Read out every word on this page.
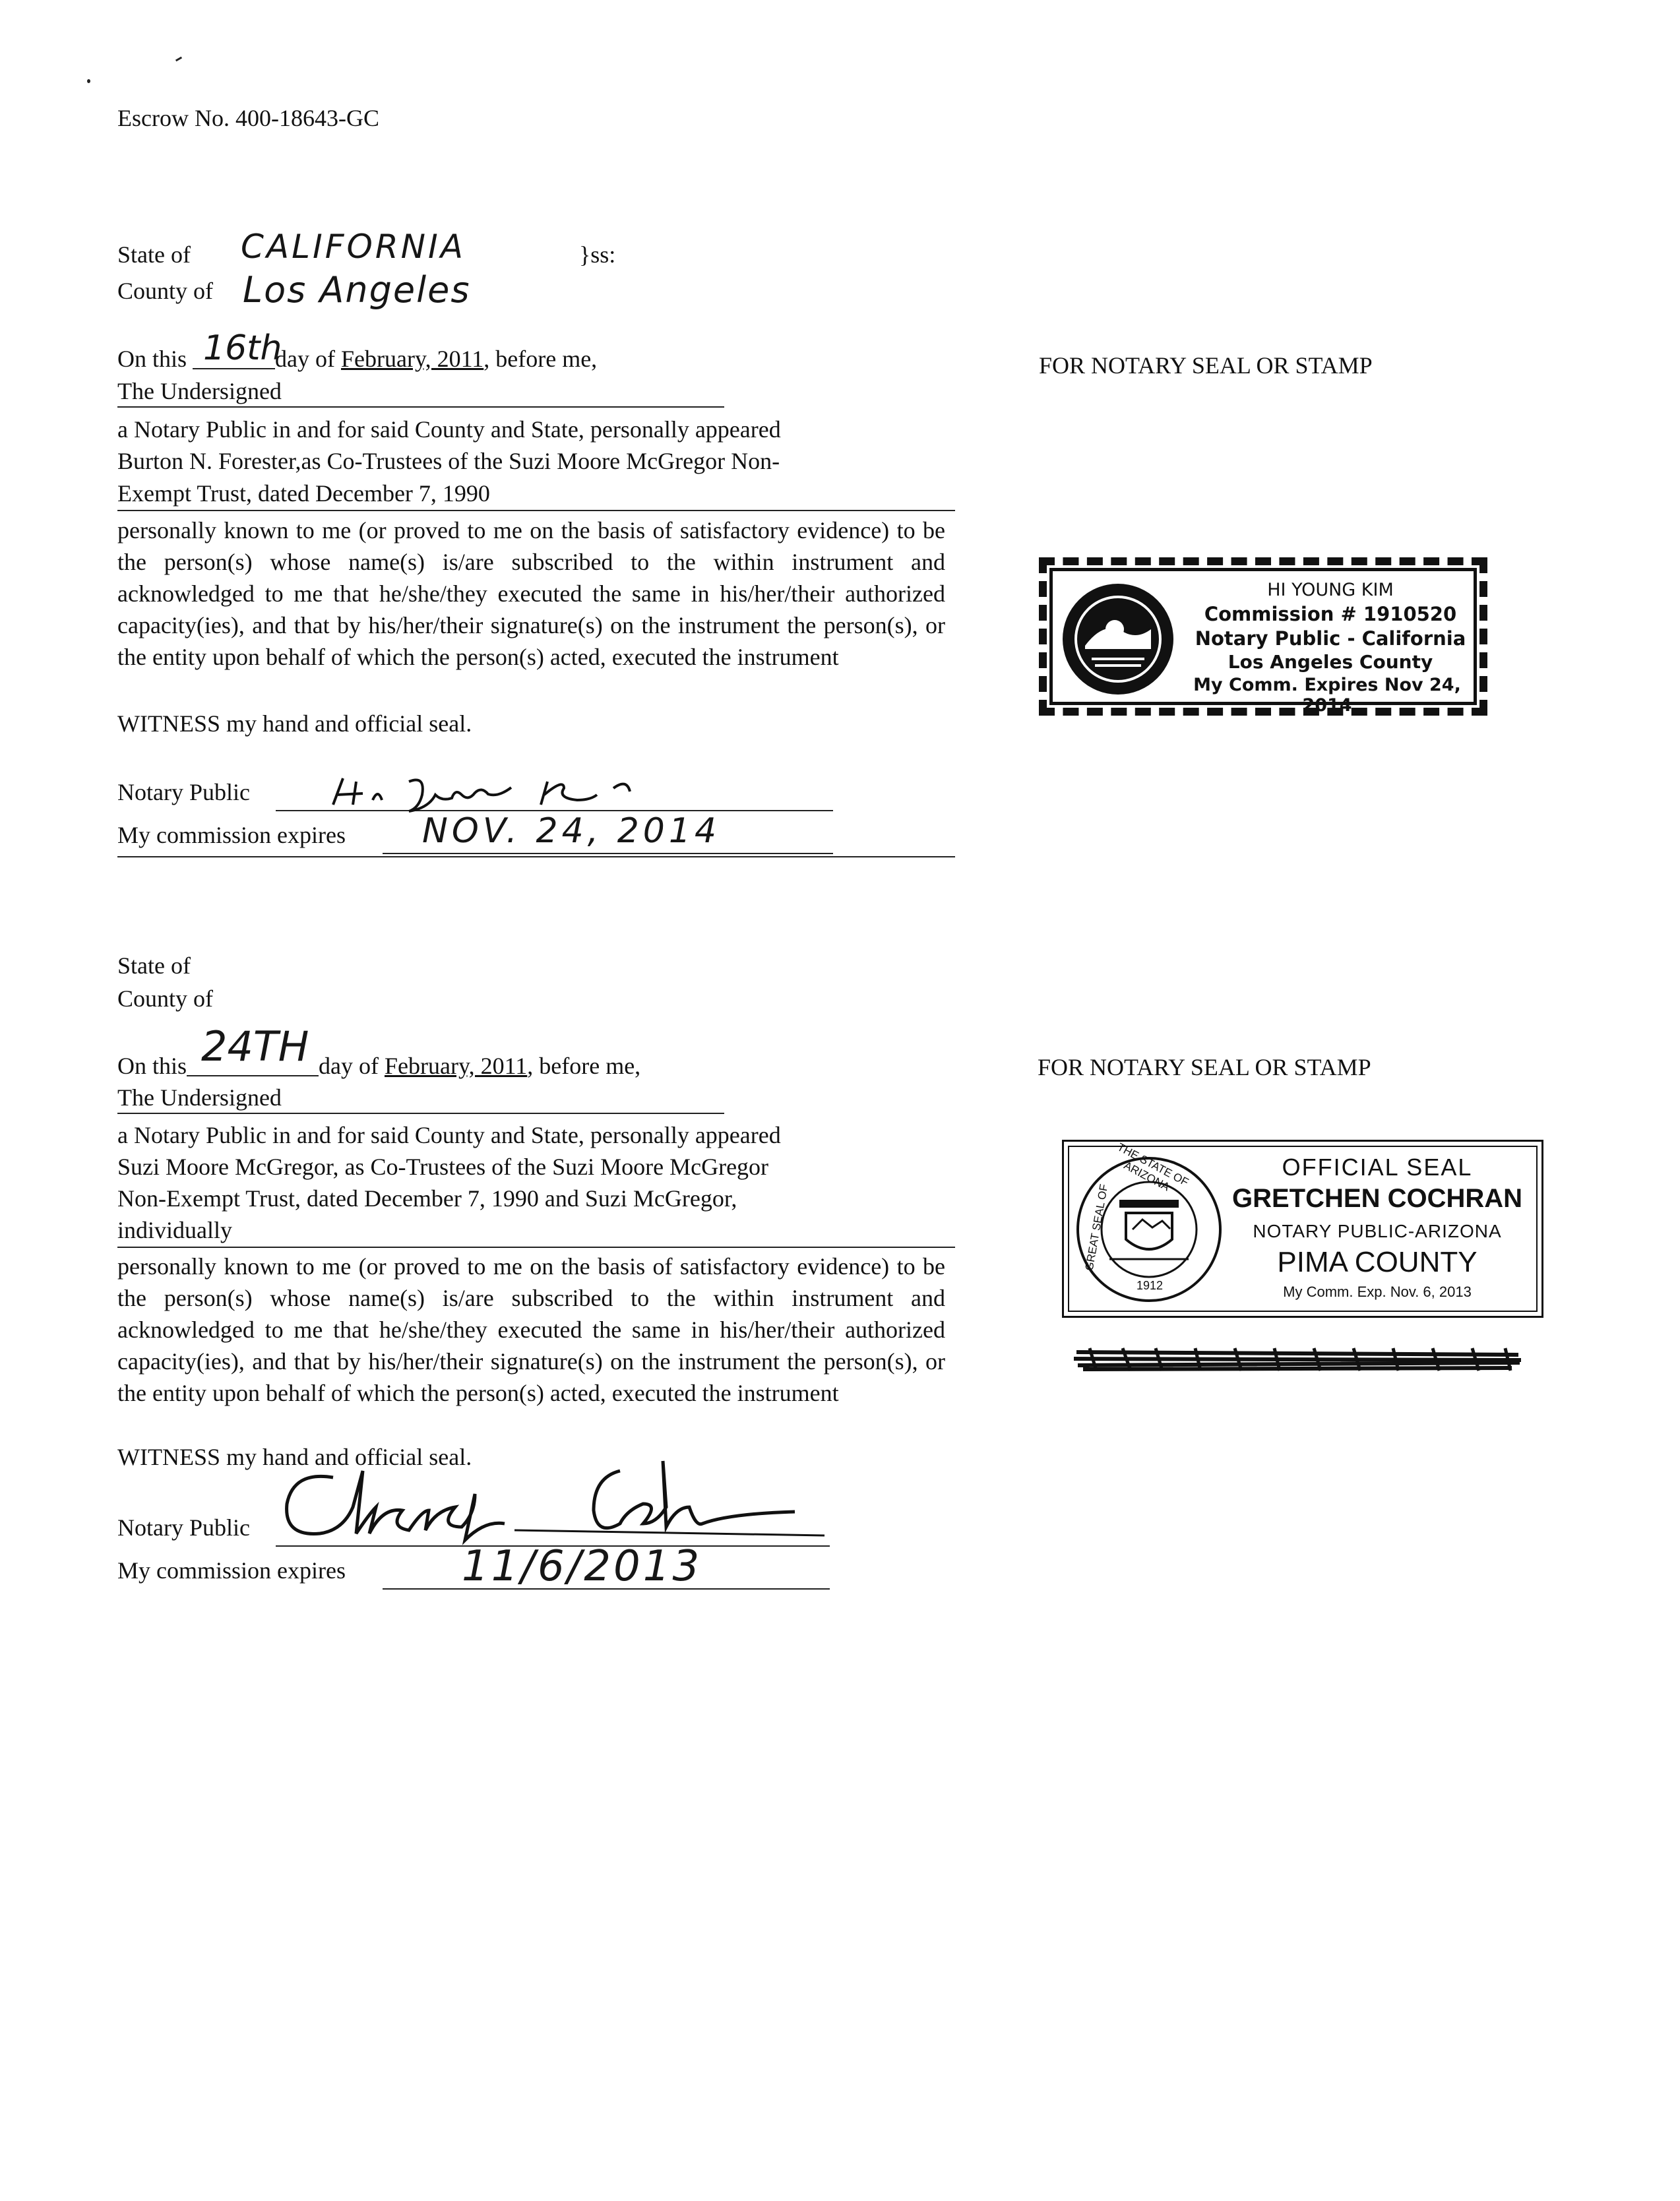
Escrow No. 400-18643-GC
State of CALIFORNIA	}ss:
County of Los Angeles
On this	day of February, 2011, before me,
16th
The Undersigned
a Notary Public in and for said County and State, personally appeared
Burton N. Forester,as Co-Trustees of the Suzi Moore McGregor Non-
Exempt Trust, dated December 7, 1990
personally known to me (or proved to me on the basis of satisfactory evidence) to be the person(s) whose name(s) is/are subscribed to the within instrument and acknowledged to me that he/she/they executed the same in his/her/their authorized capacity(ies), and that by his/her/their signature(s) on the instrument the person(s), or the entity upon behalf of which the person(s) acted, executed the instrument
WITNESS my hand and official seal.
Notary Public
My commission expires NOV. 24, 2014
FOR NOTARY SEAL OR STAMP
HI YOUNG KIM
Commission # 1910520
Notary Public - California
Los Angeles County
My Comm. Expires Nov 24, 2014
State of
County of
On this	day of February, 2011, before me,
24TH
The Undersigned
a Notary Public in and for said County and State, personally appeared
Suzi Moore McGregor, as Co-Trustees of the Suzi Moore McGregor
Non-Exempt Trust, dated December 7, 1990 and Suzi McGregor,
individually
personally known to me (or proved to me on the basis of satisfactory evidence) to be the person(s) whose name(s) is/are subscribed to the within instrument and acknowledged to me that he/she/they executed the same in his/her/their authorized capacity(ies), and that by his/her/their signature(s) on the instrument the person(s), or the entity upon behalf of which the person(s) acted, executed the instrument
WITNESS my hand and official seal.
Notary Public
My commission expires	11/6/2013
FOR NOTARY SEAL OR STAMP
THE STATE OF ARIZONA
GREAT SEAL OF
1912
OFFICIAL SEAL
GRETCHEN COCHRAN
NOTARY PUBLIC-ARIZONA
PIMA COUNTY
My Comm. Exp. Nov. 6, 2013
